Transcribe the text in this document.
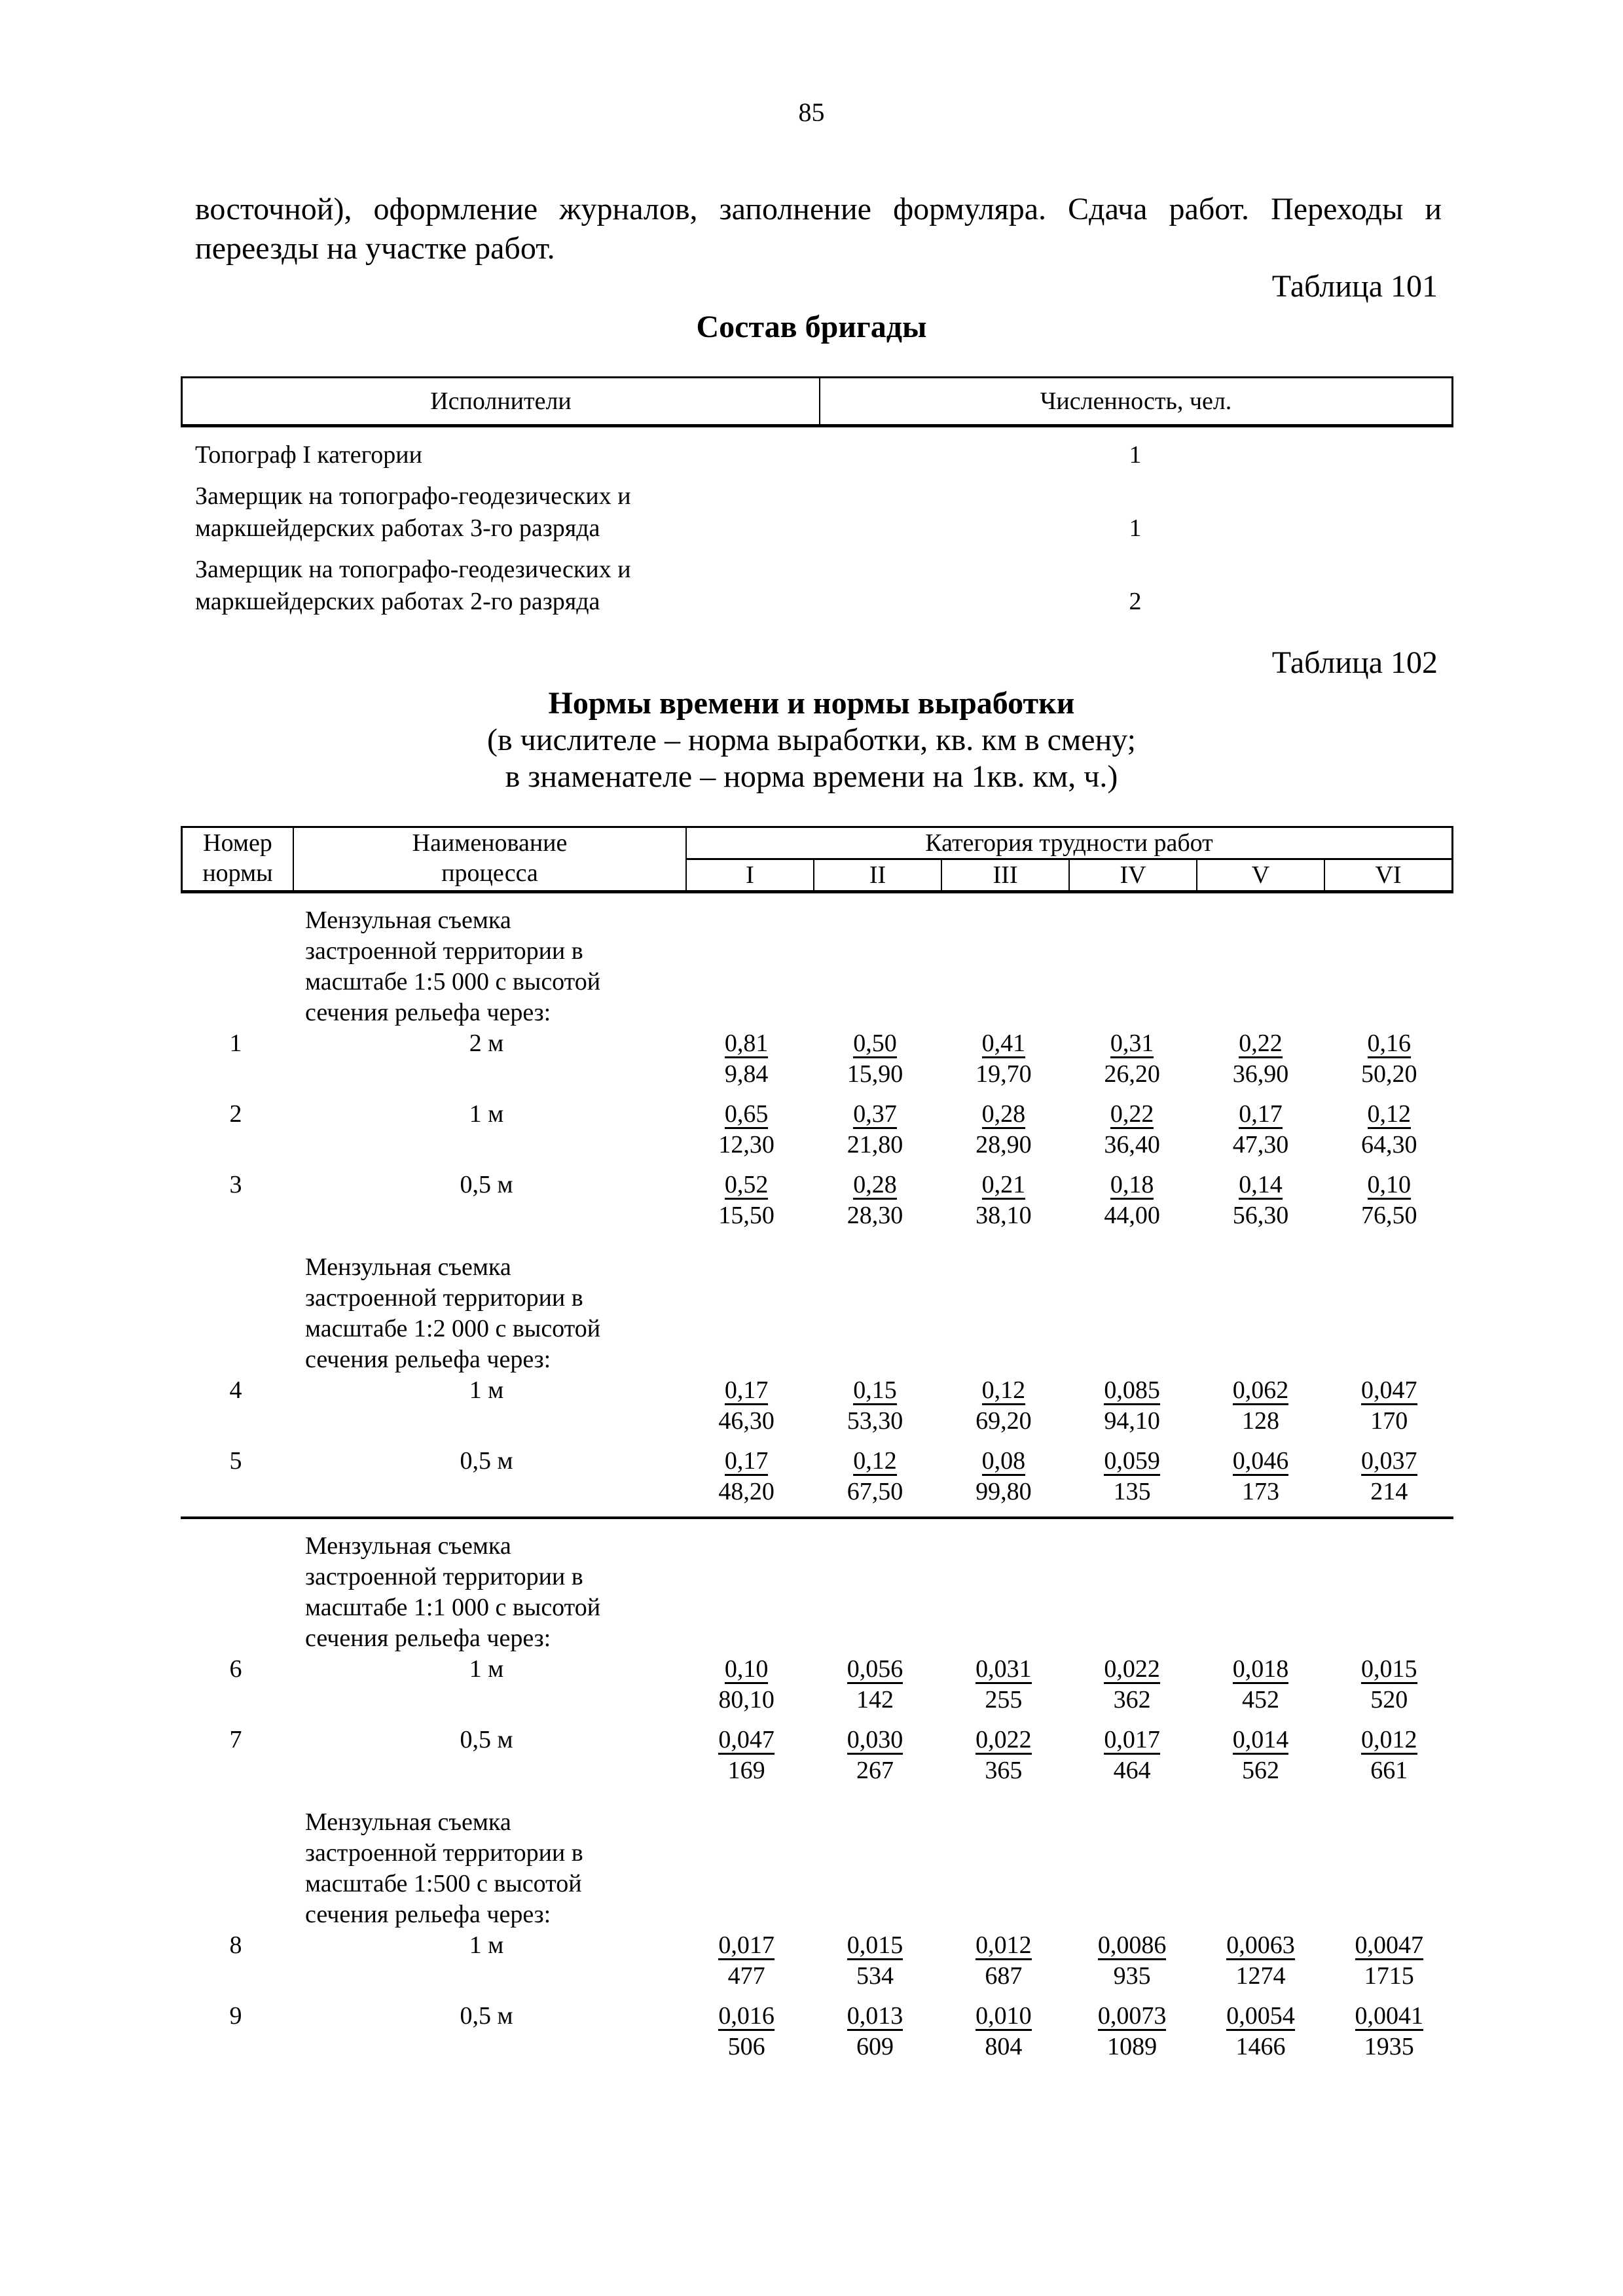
85
восточной), оформление журналов, заполнение формуляра. Сдача работ. Переходы и переезды на участке работ.
Таблица 101
Состав бригады
Исполнители	Численность, чел.
Топограф I категории	1
Замерщик на топографо-геодезических и
маркшейдерских работах 3-го разряда	1
Замерщик на топографо-геодезических и
маркшейдерских работах 2-го разряда	2
Таблица 102
Нормы времени и нормы выработки
(в числителе – норма выработки, кв. км в смену;
в знаменателе – норма времени на 1кв. км, ч.)
Номер
нормы
Наименование
процесса
Категория трудности работ
I	II	III	IV	V	VI
Мензульная съемка
застроенной территории в
масштабе 1:5 000 с высотой
сечения рельефа через:
1	2 м	$\frac{0,81}{9,84} \frac{0,50}{15,90} \frac{0,41}{19,70} \frac{0,31}{26,20} \frac{0,22}{36,90} \frac{0,16}{50,20}$
2	1 м	$\frac{0,65}{12,30} \frac{0,37}{21,80} \frac{0,28}{28,90} \frac{0,22}{36,40} \frac{0,17}{47,30} \frac{0,12}{64,30}$
3	0,5 м	$\frac{0,52}{15,50} \frac{0,28}{28,30} \frac{0,21}{38,10} \frac{0,18}{44,00} \frac{0,14}{56,30} \frac{0,10}{76,50}$
Мензульная съемка
застроенной территории в
масштабе 1:2 000 с высотой
сечения рельефа через:
4	1 м	$\frac{0,17}{46,30} \frac{0,15}{53,30} \frac{0,12}{69,20} \frac{0,085}{94,10} \frac{0,062}{128} \frac{0,047}{170}$
5	0,5 м	$\frac{0,17}{48,20} \frac{0,12}{67,50} \frac{0,08}{99,80} \frac{0,059}{135} \frac{0,046}{173} \frac{0,037}{214}$
Мензульная съемка
застроенной территории в
масштабе 1:1 000 с высотой
сечения рельефа через:
6	1 м	$\frac{0,10}{80,10} \frac{0,056}{142} \frac{0,031}{255} \frac{0,022}{362} \frac{0,018}{452} \frac{0,015}{520}$
7	0,5 м	$\frac{0,047}{169} \frac{0,030}{267} \frac{0,022}{365} \frac{0,017}{464} \frac{0,014}{562} \frac{0,012}{661}$
Мензульная съемка
застроенной территории в
масштабе 1:500 с высотой
сечения рельефа через:
8	1 м	$\frac{0,017}{477} \frac{0,015}{534} \frac{0,012}{687} \frac{0,0086}{935} \frac{0,0063}{1274} \frac{0,0047}{1715}$
9	0,5 м	$\frac{0,016}{506} \frac{0,013}{609} \frac{0,010}{804} \frac{0,0073}{1089} \frac{0,0054}{1466} \frac{0,0041}{1935}$
